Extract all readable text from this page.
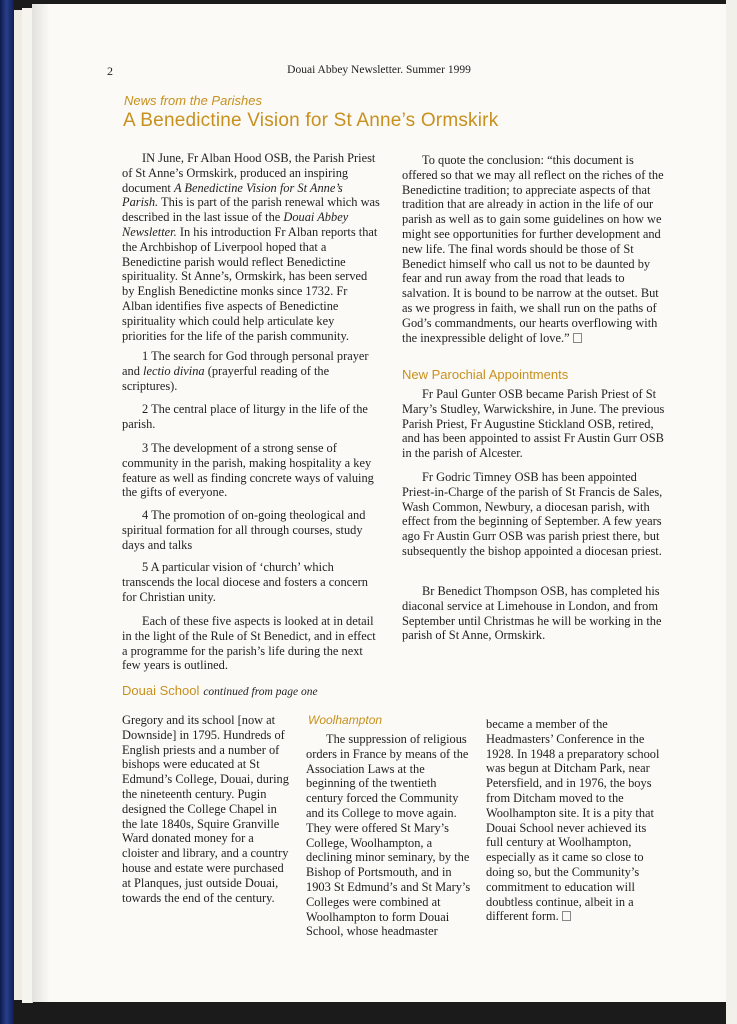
2	Douai Abbey Newsletter. Summer 1999
News from the Parishes
A Benedictine Vision for St Anne’s Ormskirk

IN June, Fr Alban Hood OSB, the Parish Priest of St Anne’s Ormskirk, produced an inspiring document A Benedictine Vision for St Anne’s Parish. This is part of the parish renewal which was described in the last issue of the Douai Abbey Newsletter. In his introduction Fr Alban reports that the Archbishop of Liverpool hoped that a Benedictine parish would reflect Benedictine spirituality. St Anne’s, Ormskirk, has been served by English Benedictine monks since 1732. Fr Alban identifies five aspects of Benedictine spirituality which could help articulate key priorities for the life of the parish community.

1 The search for God through personal prayer and lectio divina (prayerful reading of the scriptures).

2 The central place of liturgy in the life of the parish.

3 The development of a strong sense of community in the parish, making hospitality a key feature as well as finding concrete ways of valuing the gifts of everyone.

4 The promotion of on-going theological and spiritual formation for all through courses, study days and talks

5 A particular vision of ‘church’ which transcends the local diocese and fosters a concern for Christian unity.

Each of these five aspects is looked at in detail in the light of the Rule of St Benedict, and in effect a programme for the parish’s life during the next few years is outlined.

To quote the conclusion: “this document is offered so that we may all reflect on the riches of the Benedictine tradition; to appreciate aspects of that tradition that are already in action in the life of our parish as well as to gain some guidelines on how we might see opportunities for further development and new life. The final words should be those of St Benedict himself who call us not to be daunted by fear and run away from the road that leads to salvation. It is bound to be narrow at the outset. But as we progress in faith, we shall run on the paths of God’s commandments, our hearts overflowing with the inexpressible delight of love.”

New Parochial Appointments

Fr Paul Gunter OSB became Parish Priest of St Mary’s Studley, Warwickshire, in June. The previous Parish Priest, Fr Augustine Stickland OSB, retired, and has been appointed to assist Fr Austin Gurr OSB in the parish of Alcester.

Fr Godric Timney OSB has been appointed Priest-in-Charge of the parish of St Francis de Sales, Wash Common, Newbury, a diocesan parish, with effect from the beginning of September. A few years ago Fr Austin Gurr OSB was parish priest there, but subsequently the bishop appointed a diocesan priest.

Br Benedict Thompson OSB, has completed his diaconal service at Limehouse in London, and from September until Christmas he will be working in the parish of St Anne, Ormskirk.

Douai School continued from page one

Gregory and its school [now at Downside] in 1795. Hundreds of English priests and a number of bishops were educated at St Edmund’s College, Douai, during the nineteenth century. Pugin designed the College Chapel in the late 1840s, Squire Granville Ward donated money for a cloister and library, and a country house and estate were purchased at Planques, just outside Douai, towards the end of the century.

Woolhampton

The suppression of religious orders in France by means of the Association Laws at the beginning of the twentieth century forced the Community and its College to move again. They were offered St Mary’s College, Woolhampton, a declining minor seminary, by the Bishop of Portsmouth, and in 1903 St Edmund’s and St Mary’s Colleges were combined at Woolhampton to form Douai School, whose headmaster

became a member of the Headmasters’ Conference in the 1928. In 1948 a preparatory school was begun at Ditcham Park, near Petersfield, and in 1976, the boys from Ditcham moved to the Woolhampton site. It is a pity that Douai School never achieved its full century at Woolhampton, especially as it came so close to doing so, but the Community’s commitment to education will doubtless continue, albeit in a different form.
